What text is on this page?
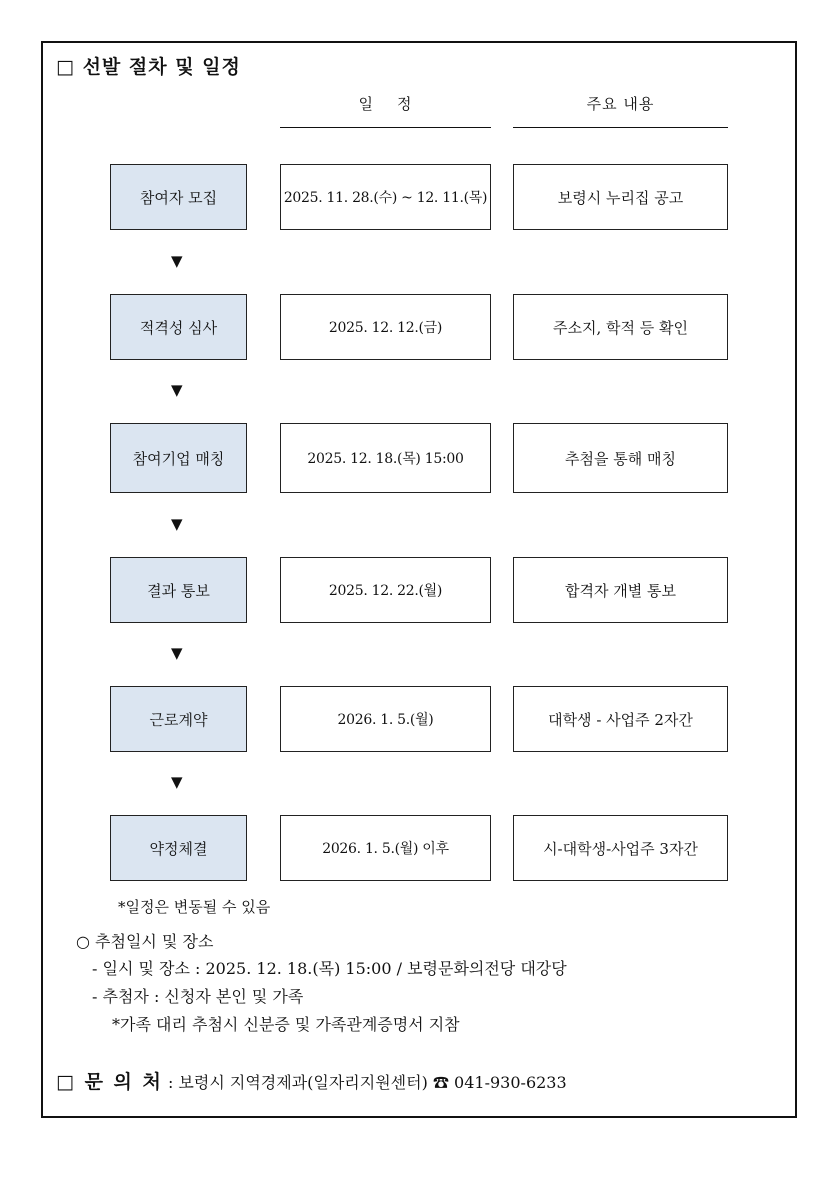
□ 선발 절차 및 일정
일    정	주요 내용
참여자 모집	2025. 11. 28.(수) ~ 12. 11.(목)	보령시 누리집 공고
▼
적격성 심사	2025. 12. 12.(금)	주소지, 학적 등 확인
▼
참여기업 매칭	2025. 12. 18.(목) 15:00	추첨을 통해 매칭
▼
결과 통보	2025. 12. 22.(월)	합격자 개별 통보
▼
근로계약	2026. 1. 5.(월)	대학생 - 사업주 2자간
▼
약정체결	2026. 1. 5.(월) 이후	시-대학생-사업주 3자간
*일정은 변동될 수 있음
○ 추첨일시 및 장소
- 일시 및 장소 : 2025. 12. 18.(목) 15:00 / 보령문화의전당 대강당
- 추첨자 : 신청자 본인 및 가족
*가족 대리 추첨시 신분증 및 가족관계증명서 지참
□ 문 의 처 : 보령시 지역경제과(일자리지원센터) ☎ 041-930-6233
